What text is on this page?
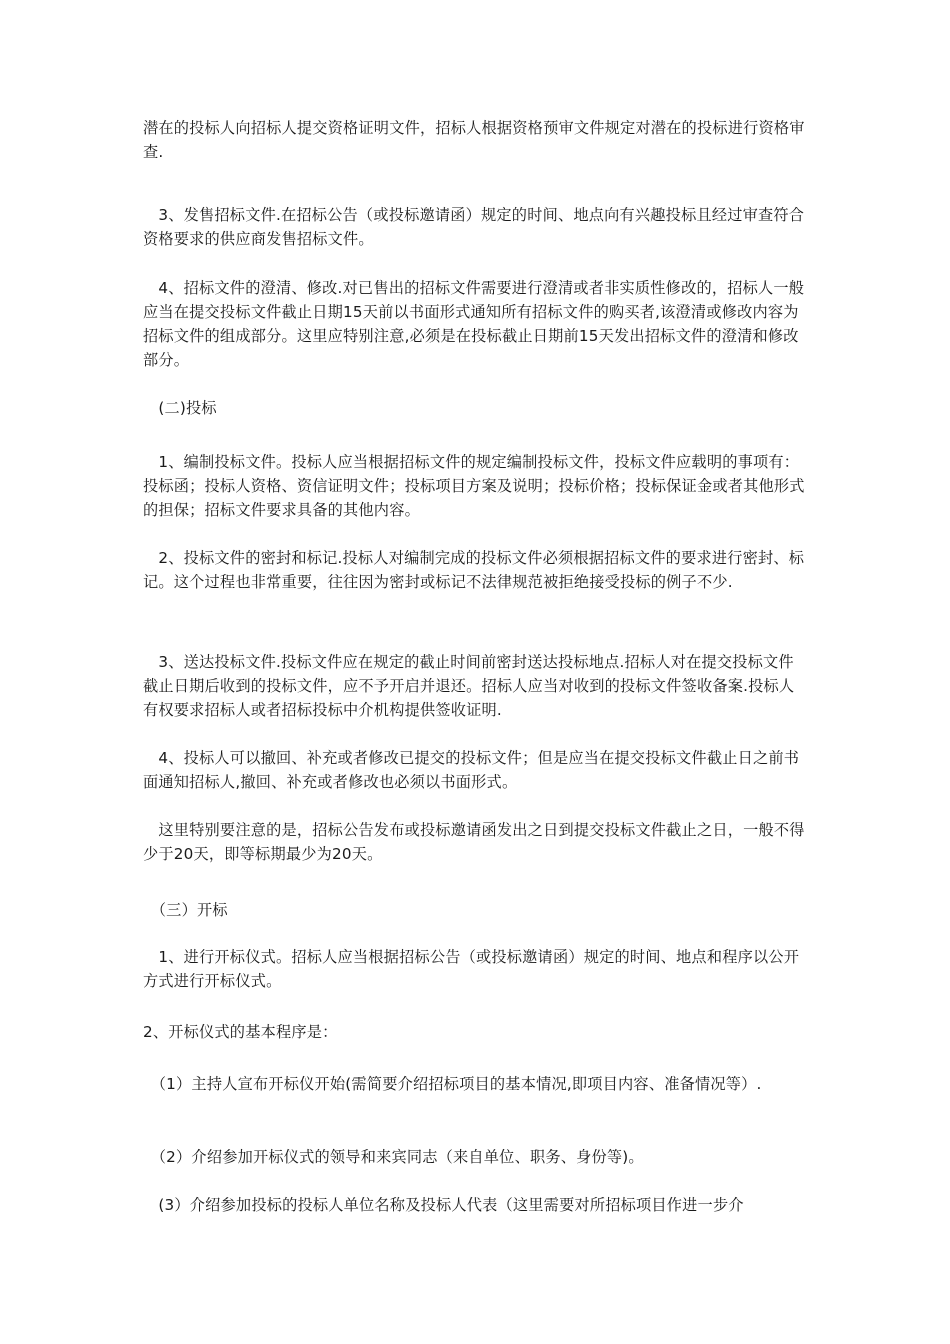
潜在的投标人向招标人提交资格证明文件，招标人根据资格预审文件规定对潜在的投标进行资格审查.

　3、发售招标文件.在招标公告（或投标邀请函）规定的时间、地点向有兴趣投标且经过审查符合资格要求的供应商发售招标文件。

　4、招标文件的澄清、修改.对已售出的招标文件需要进行澄清或者非实质性修改的，招标人一般应当在提交投标文件截止日期15天前以书面形式通知所有招标文件的购买者,该澄清或修改内容为招标文件的组成部分。这里应特别注意,必须是在投标截止日期前15天发出招标文件的澄清和修改部分。

　(二)投标

　1、编制投标文件。投标人应当根据招标文件的规定编制投标文件，投标文件应载明的事项有：投标函；投标人资格、资信证明文件；投标项目方案及说明；投标价格；投标保证金或者其他形式的担保；招标文件要求具备的其他内容。

　2、投标文件的密封和标记.投标人对编制完成的投标文件必须根据招标文件的要求进行密封、标记。这个过程也非常重要，往往因为密封或标记不法律规范被拒绝接受投标的例子不少.

　3、送达投标文件.投标文件应在规定的截止时间前密封送达投标地点.招标人对在提交投标文件截止日期后收到的投标文件，应不予开启并退还。招标人应当对收到的投标文件签收备案.投标人有权要求招标人或者招标投标中介机构提供签收证明.

　4、投标人可以撤回、补充或者修改已提交的投标文件；但是应当在提交投标文件截止日之前书面通知招标人,撤回、补充或者修改也必须以书面形式。

　这里特别要注意的是，招标公告发布或投标邀请函发出之日到提交投标文件截止之日，一般不得少于20天，即等标期最少为20天。

　（三）开标

　1、进行开标仪式。招标人应当根据招标公告（或投标邀请函）规定的时间、地点和程序以公开方式进行开标仪式。

2、开标仪式的基本程序是：

　（1）主持人宣布开标仪开始(需简要介绍招标项目的基本情况,即项目内容、准备情况等）.

　（2）介绍参加开标仪式的领导和来宾同志（来自单位、职务、身份等)。

　(3）介绍参加投标的投标人单位名称及投标人代表（这里需要对所招标项目作进一步介
